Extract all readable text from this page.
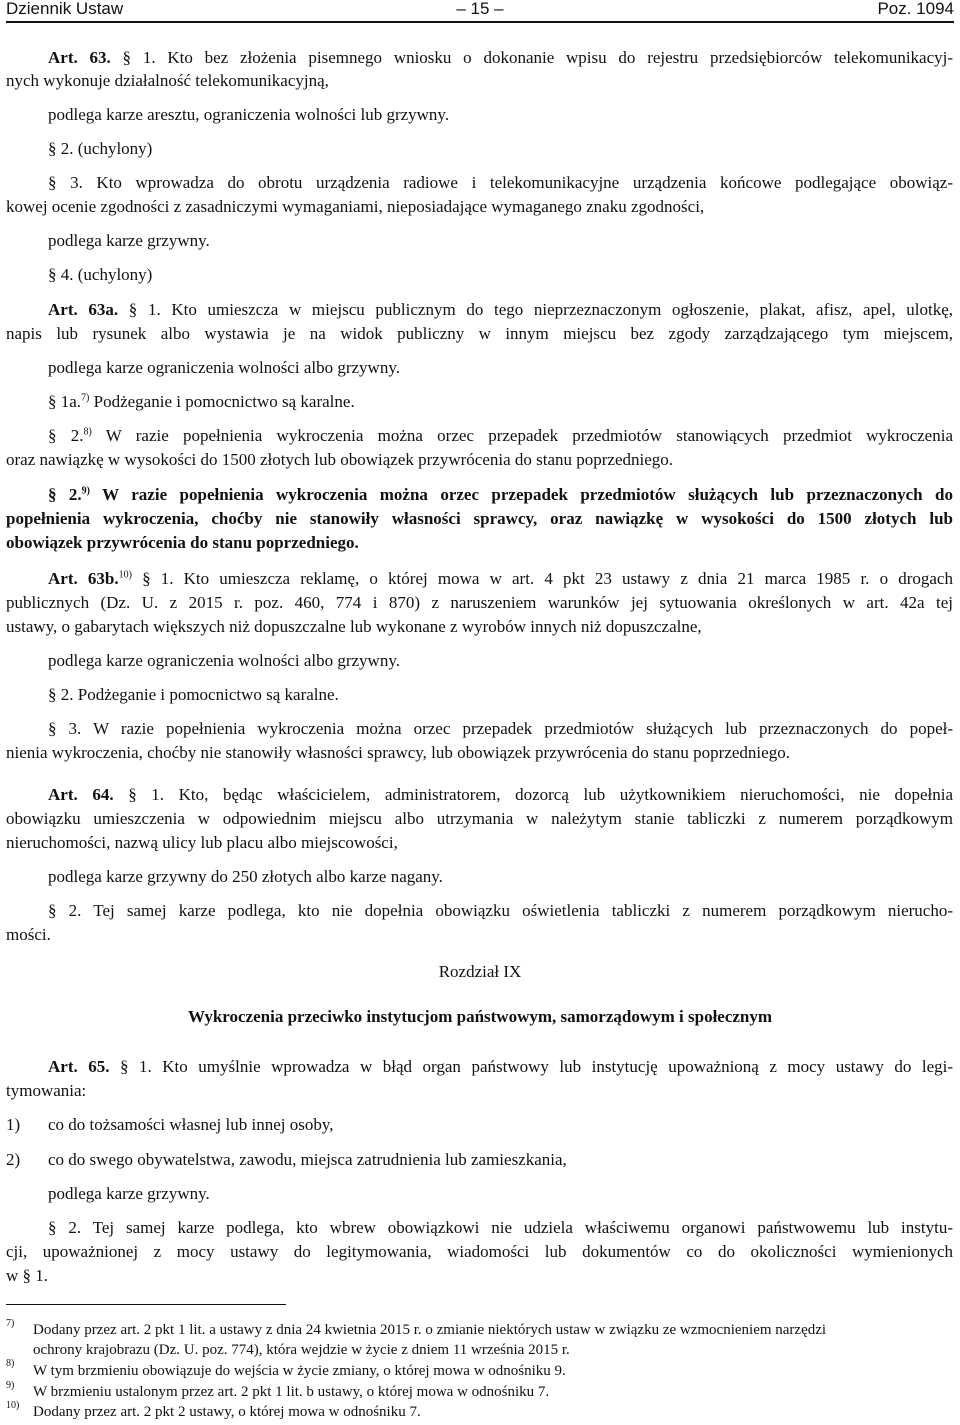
Dziennik Ustaw	– 15 –	Poz. 1094
Art. 63. § 1. Kto bez złożenia pisemnego wniosku o dokonanie wpisu do rejestru przedsiębiorców telekomunikacyj-
nych wykonuje działalność telekomunikacyjną,
podlega karze aresztu, ograniczenia wolności lub grzywny.
§ 2. (uchylony)
§ 3. Kto wprowadza do obrotu urządzenia radiowe i telekomunikacyjne urządzenia końcowe podlegające obowiąz-
kowej ocenie zgodności z zasadniczymi wymaganiami, nieposiadające wymaganego znaku zgodności,
podlega karze grzywny.
§ 4. (uchylony)
Art. 63a. § 1. Kto umieszcza w miejscu publicznym do tego nieprzeznaczonym ogłoszenie, plakat, afisz, apel, ulotkę,
napis lub rysunek albo wystawia je na widok publiczny w innym miejscu bez zgody zarządzającego tym miejscem,
podlega karze ograniczenia wolności albo grzywny.
§ 1a.$^{7)}$ Podżeganie i pomocnictwo są karalne.
§ 2.$^{8)}$ W razie popełnienia wykroczenia można orzec przepadek przedmiotów stanowiących przedmiot wykroczenia
oraz nawiązkę w wysokości do 1500 złotych lub obowiązek przywrócenia do stanu poprzedniego.
§ 2.$^{9)}$ W razie popełnienia wykroczenia można orzec przepadek przedmiotów służących lub przeznaczonych do
popełnienia wykroczenia, choćby nie stanowiły własności sprawcy, oraz nawiązkę w wysokości do 1500 złotych lub
obowiązek przywrócenia do stanu poprzedniego.
Art. 63b.$^{10)}$ § 1. Kto umieszcza reklamę, o której mowa w art. 4 pkt 23 ustawy z dnia 21 marca 1985 r. o drogach
publicznych (Dz. U. z 2015 r. poz. 460, 774 i 870) z naruszeniem warunków jej sytuowania określonych w art. 42a tej
ustawy, o gabarytach większych niż dopuszczalne lub wykonane z wyrobów innych niż dopuszczalne,
podlega karze ograniczenia wolności albo grzywny.
§ 2. Podżeganie i pomocnictwo są karalne.
§ 3. W razie popełnienia wykroczenia można orzec przepadek przedmiotów służących lub przeznaczonych do popeł-
nienia wykroczenia, choćby nie stanowiły własności sprawcy, lub obowiązek przywrócenia do stanu poprzedniego.
Art. 64. § 1. Kto, będąc właścicielem, administratorem, dozorcą lub użytkownikiem nieruchomości, nie dopełnia
obowiązku umieszczenia w odpowiednim miejscu albo utrzymania w należytym stanie tabliczki z numerem porządkowym
nieruchomości, nazwą ulicy lub placu albo miejscowości,
podlega karze grzywny do 250 złotych albo karze nagany.
§ 2. Tej samej karze podlega, kto nie dopełnia obowiązku oświetlenia tabliczki z numerem porządkowym nierucho-
mości.
Rozdział IX
Wykroczenia przeciwko instytucjom państwowym, samorządowym i społecznym
Art. 65. § 1. Kto umyślnie wprowadza w błąd organ państwowy lub instytucję upoważnioną z mocy ustawy do legi-
tymowania:
1) co do tożsamości własnej lub innej osoby,
2) co do swego obywatelstwa, zawodu, miejsca zatrudnienia lub zamieszkania,
podlega karze grzywny.
§ 2. Tej samej karze podlega, kto wbrew obowiązkowi nie udziela właściwemu organowi państwowemu lub instytu-
cji, upoważnionej z mocy ustawy do legitymowania, wiadomości lub dokumentów co do okoliczności wymienionych
w § 1.
7) Dodany przez art. 2 pkt 1 lit. a ustawy z dnia 24 kwietnia 2015 r. o zmianie niektórych ustaw w związku ze wzmocnieniem narzędzi
ochrony krajobrazu (Dz. U. poz. 774), która wejdzie w życie z dniem 11 września 2015 r.
8) W tym brzmieniu obowiązuje do wejścia w życie zmiany, o której mowa w odnośniku 9.
9) W brzmieniu ustalonym przez art. 2 pkt 1 lit. b ustawy, o której mowa w odnośniku 7.
10) Dodany przez art. 2 pkt 2 ustawy, o której mowa w odnośniku 7.
